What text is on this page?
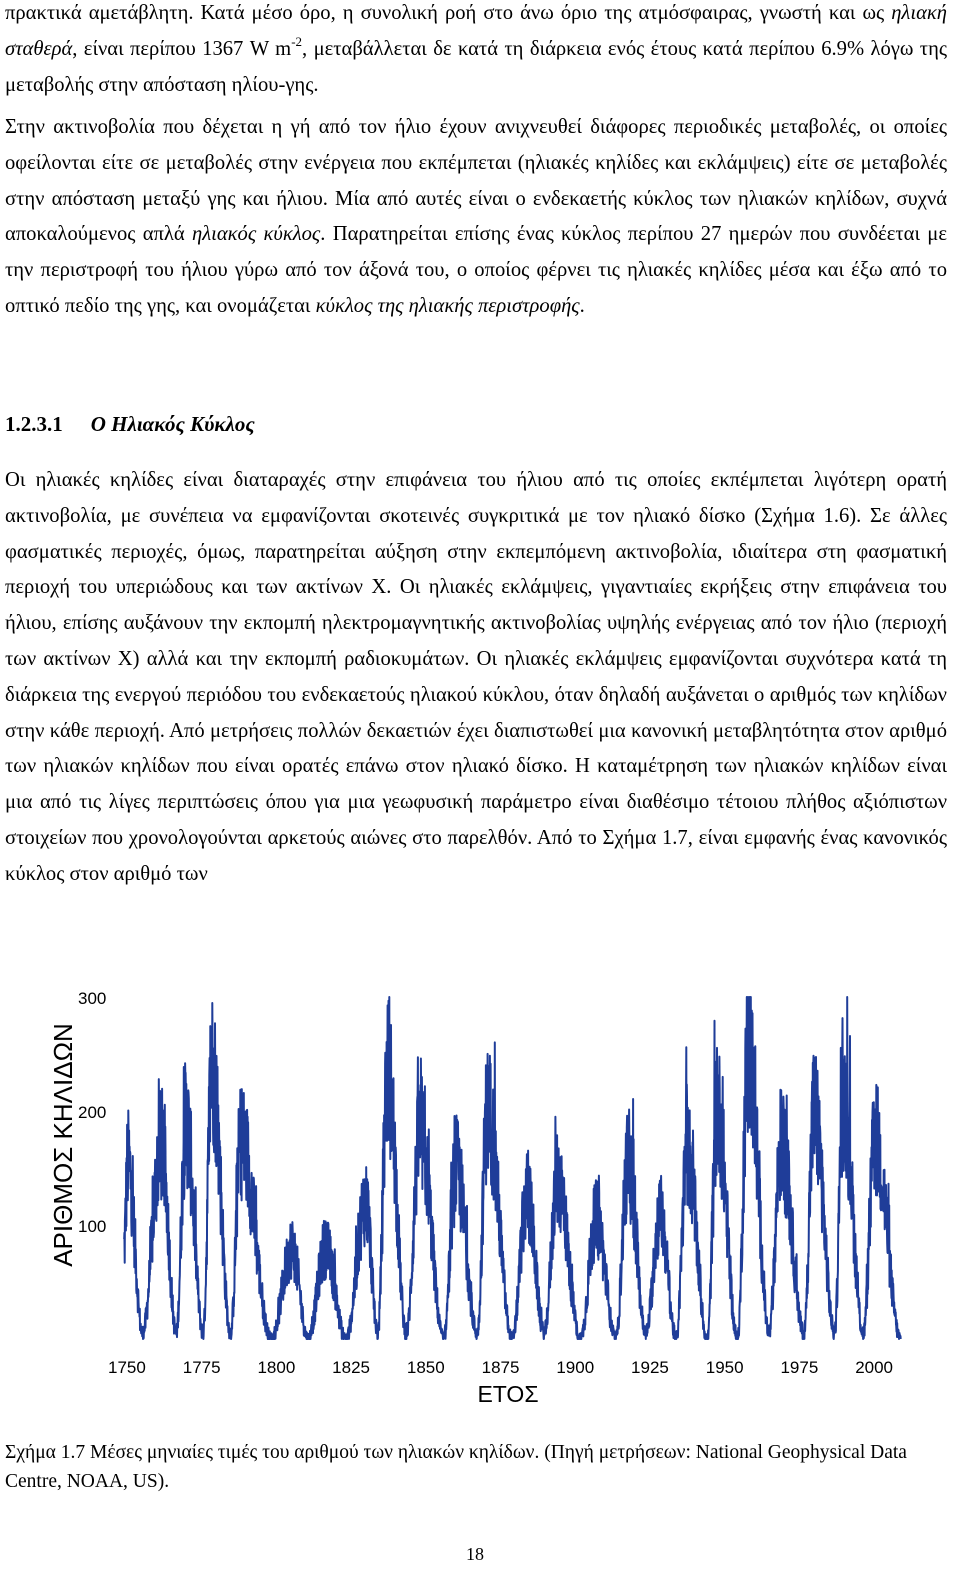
πρακτικά αμετάβλητη. Κατά μέσο όρο, η συνολική ροή στο άνω όριο της ατμόσφαιρας, γνωστή και ως ηλιακή σταθερά, είναι περίπου 1367 W $m^{-2}$, μεταβάλλεται δε κατά τη διάρκεια ενός έτους κατά περίπου 6.9% λόγω της μεταβολής στην απόσταση ηλίου-γης.

Στην ακτινοβολία που δέχεται η γή από τον ήλιο έχουν ανιχνευθεί διάφορες περιοδικές μεταβολές, οι οποίες οφείλονται είτε σε μεταβολές στην ενέργεια που εκπέμπεται (ηλιακές κηλίδες και εκλάμψεις) είτε σε μεταβολές στην απόσταση μεταξύ γης και ήλιου. Μία από αυτές είναι ο ενδεκαετής κύκλος των ηλιακών κηλίδων, συχνά αποκαλούμενος απλά ηλιακός κύκλος. Παρατηρείται επίσης ένας κύκλος περίπου 27 ημερών που συνδέεται με την περιστροφή του ήλιου γύρω από τον άξονά του, ο οποίος φέρνει τις ηλιακές κηλίδες μέσα και έξω από το οπτικό πεδίο της γης, και ονομάζεται κύκλος της ηλιακής περιστροφής.

1.2.3.1 Ο Ηλιακός Κύκλος

Οι ηλιακές κηλίδες είναι διαταραχές στην επιφάνεια του ήλιου από τις οποίες εκπέμπεται λιγότερη ορατή ακτινοβολία, με συνέπεια να εμφανίζονται σκοτεινές συγκριτικά με τον ηλιακό δίσκο (Σχήμα 1.6). Σε άλλες φασματικές περιοχές, όμως, παρατηρείται αύξηση στην εκπεμπόμενη ακτινοβολία, ιδιαίτερα στη φασματική περιοχή του υπεριώδους και των ακτίνων Χ. Οι ηλιακές εκλάμψεις, γιγαντιαίες εκρήξεις στην επιφάνεια του ήλιου, επίσης αυξάνουν την εκπομπή ηλεκτρομαγνητικής ακτινοβολίας υψηλής ενέργειας από τον ήλιο (περιοχή των ακτίνων Χ) αλλά και την εκπομπή ραδιοκυμάτων. Οι ηλιακές εκλάμψεις εμφανίζονται συχνότερα κατά τη διάρκεια της ενεργού περιόδου του ενδεκαετούς ηλιακού κύκλου, όταν δηλαδή αυξάνεται ο αριθμός των κηλίδων στην κάθε περιοχή. Από μετρήσεις πολλών δεκαετιών έχει διαπιστωθεί μια κανονική μεταβλητότητα στον αριθμό των ηλιακών κηλίδων που είναι ορατές επάνω στον ηλιακό δίσκο. Η καταμέτρηση των ηλιακών κηλίδων είναι μια από τις λίγες περιπτώσεις όπου για μια γεωφυσική παράμετρο είναι διαθέσιμο τέτοιου πλήθος αξιόπιστων στοιχείων που χρονολογούνται αρκετούς αιώνες στο παρελθόν. Από το Σχήμα 1.7, είναι εμφανής ένας κανονικός κύκλος στον αριθμό των

300
200
100
1750 1775 1800 1825 1850 1875 1900 1925 1950 1975 2000
ΑΡΙΘΜΟΣ ΚΗΛΙΔΩΝ
ΕΤΟΣ

Σχήμα 1.7 Μέσες μηνιαίες τιμές του αριθμού των ηλιακών κηλίδων. (Πηγή μετρήσεων: National Geophysical Data Centre, NOAA, US).

18
